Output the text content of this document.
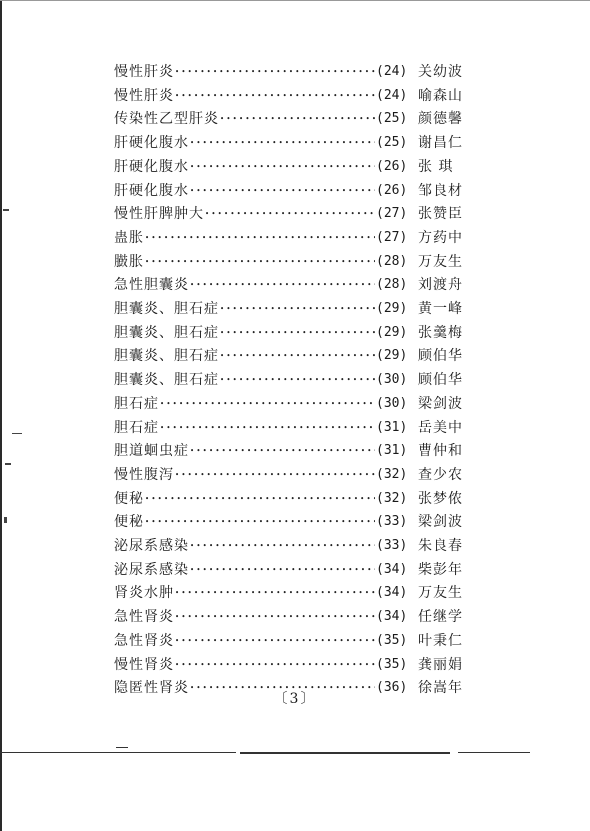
慢性肝炎 •••••	(24) 关幼波
慢性肝炎 •••••	(24) 喻森山
传染性乙型肝炎 •••••	(25) 颜德馨
肝硬化腹水 •••••	(25) 谢昌仁
肝硬化腹水 •••••	(26) 张 琪
肝硬化腹水 •••••	(26) 邹良材
慢性肝脾肿大 •••••	(27) 张赞臣
蛊胀 •••••	(27) 方药中
臌胀 •••••	(28) 万友生
急性胆囊炎 •••••	(28) 刘渡舟
胆囊炎、胆石症 •••••	(29) 黄一峰
胆囊炎、胆石症 •••••	(29) 张羹梅
胆囊炎、胆石症 •••••	(29) 顾伯华
胆囊炎、胆石症 •••••	(30) 顾伯华
胆石症 •••••	(30) 梁剑波
胆石症 •••••	(31) 岳美中
胆道蛔虫症 •••••	(31) 曹仲和
慢性腹泻 •••••	(32) 查少农
便秘 •••••	(32) 张梦侬
便秘 •••••	(33) 梁剑波
泌尿系感染 •••••	(33) 朱良春
泌尿系感染 •••••	(34) 柴彭年
肾炎水肿 •••••	(34) 万友生
急性肾炎 •••••	(34) 任继学
急性肾炎 •••••	(35) 叶秉仁
慢性肾炎 •••••	(35) 龚丽娟
隐匿性肾炎 •••••	(36) 徐嵩年
〔3〕
